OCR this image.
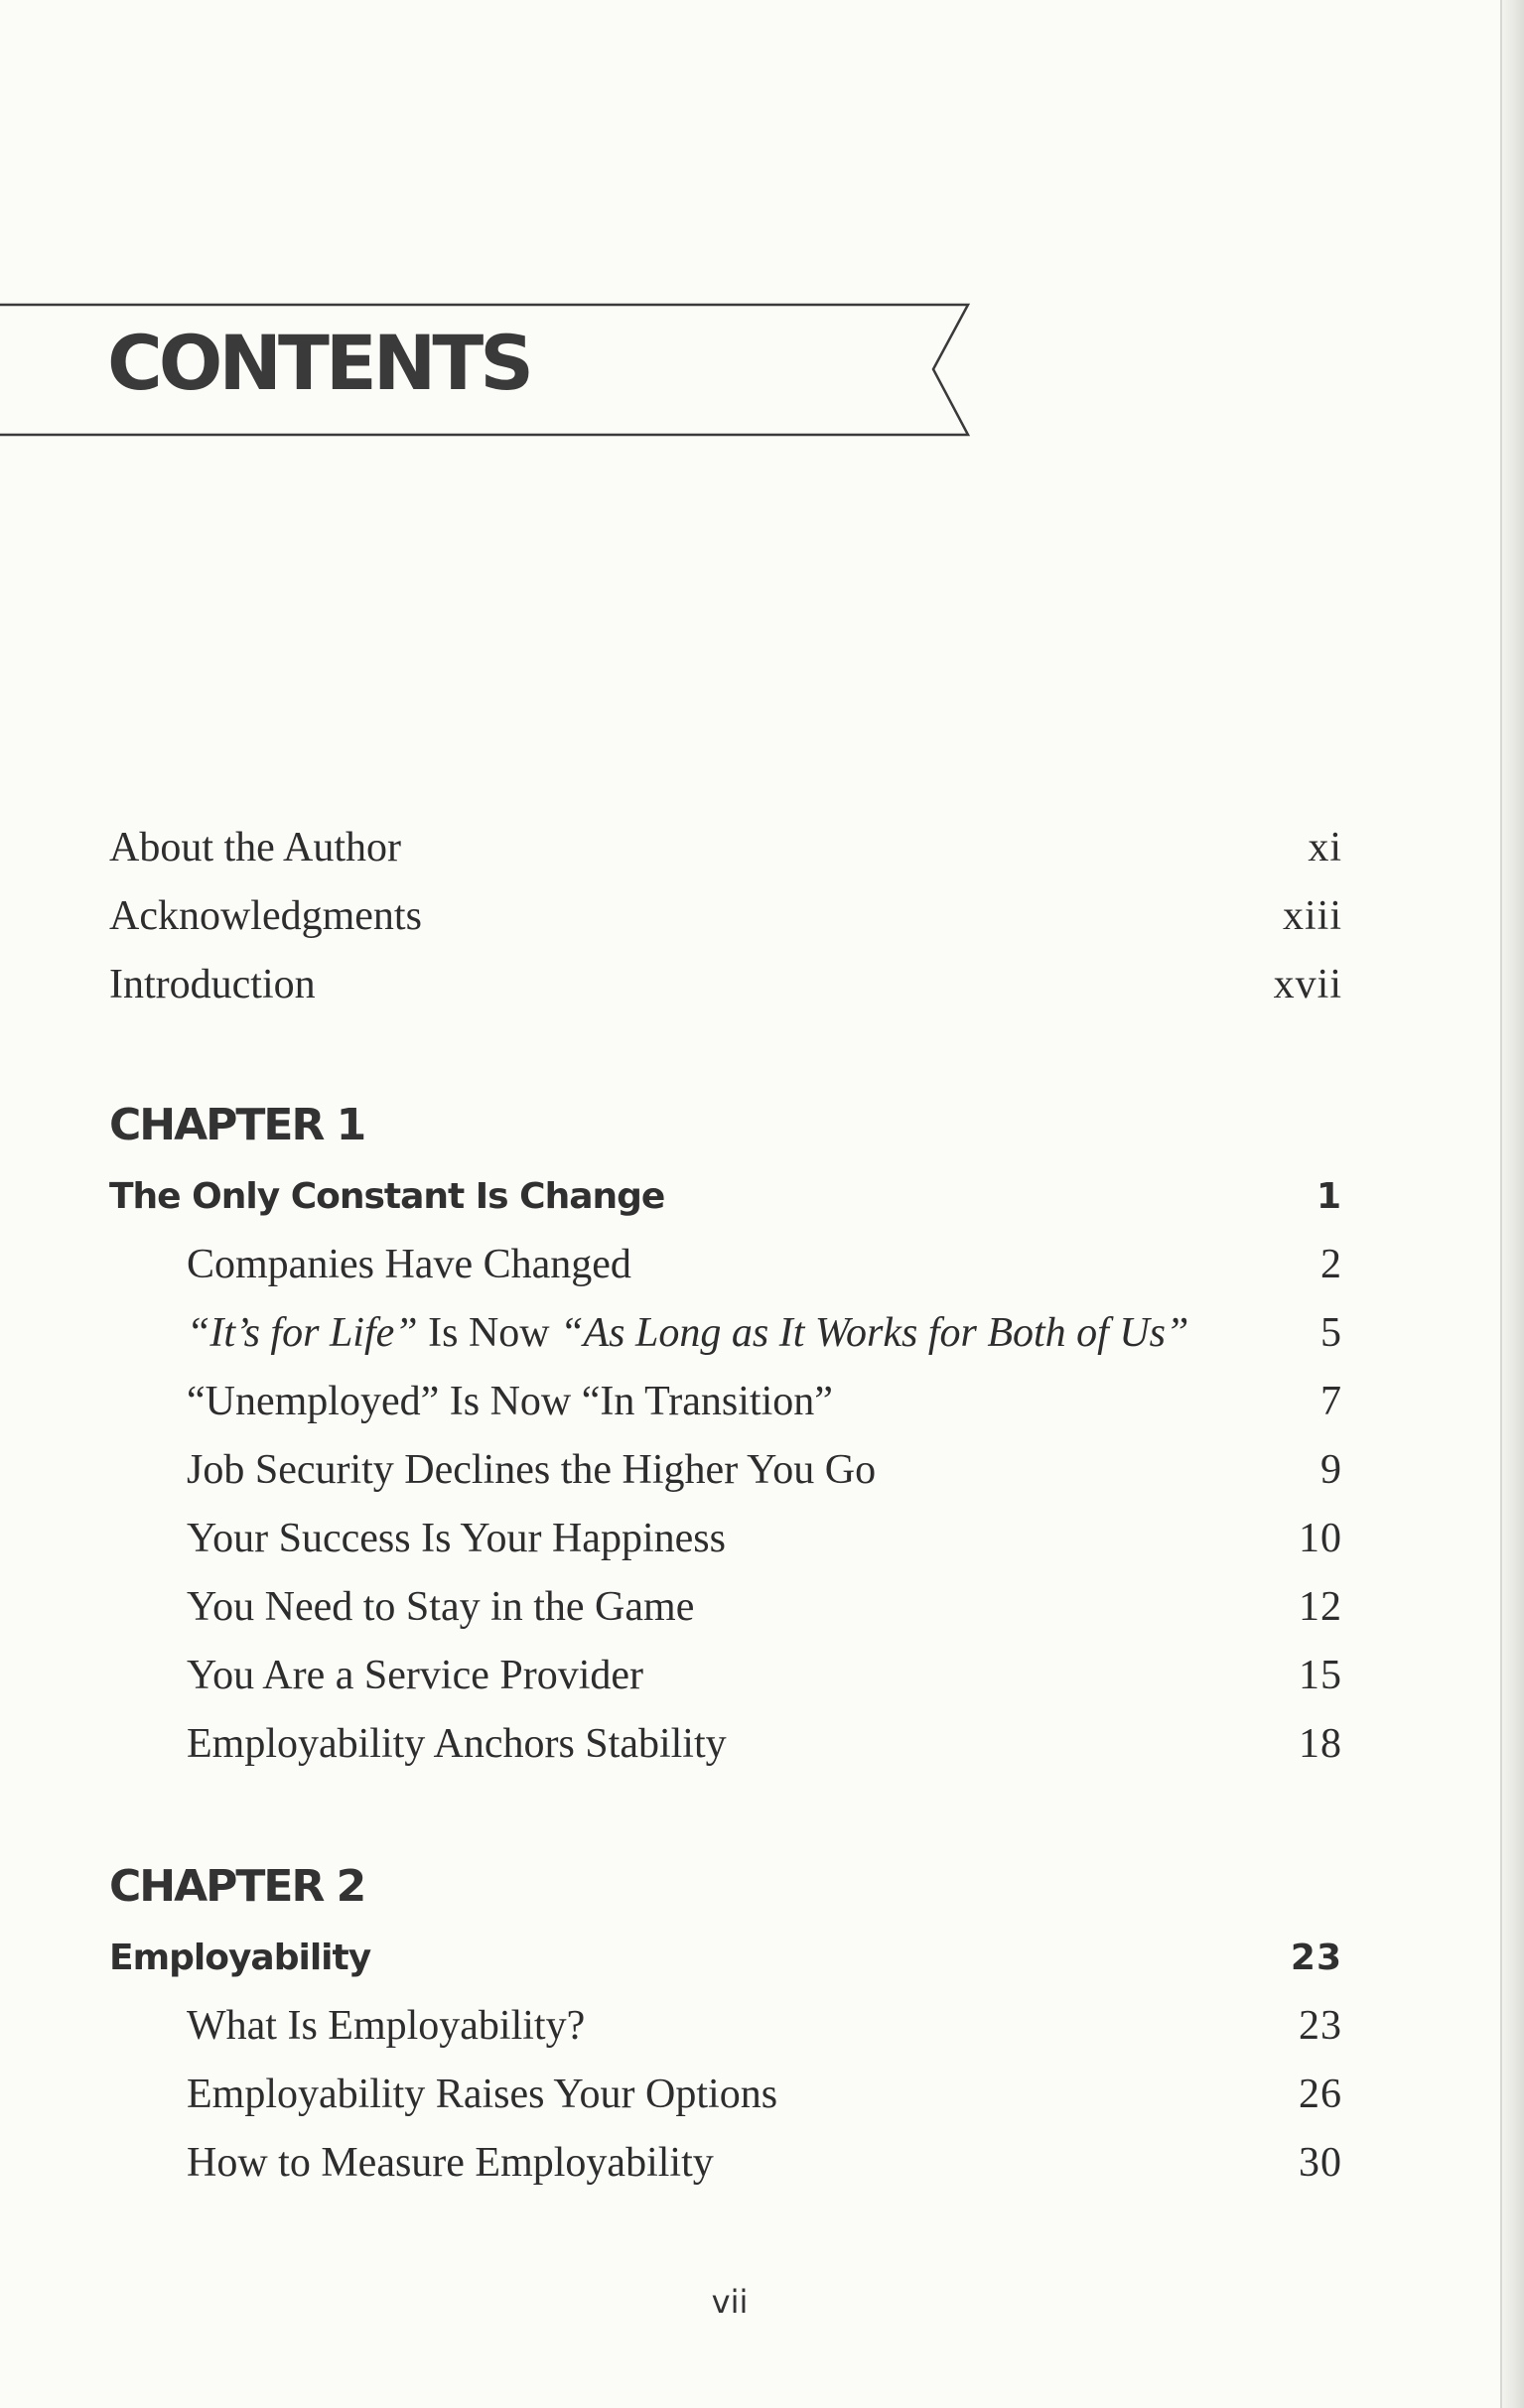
CONTENTS
About the Author	xi
Acknowledgments	xiii
Introduction	xvii
CHAPTER 1
The Only Constant Is Change	1
Companies Have Changed	2
“It’s for Life” Is Now “As Long as It Works for Both of Us”	5
“Unemployed” Is Now “In Transition”	7
Job Security Declines the Higher You Go	9
Your Success Is Your Happiness	10
You Need to Stay in the Game	12
You Are a Service Provider	15
Employability Anchors Stability	18
CHAPTER 2
Employability	23
What Is Employability?	23
Employability Raises Your Options	26
How to Measure Employability	30
vii
